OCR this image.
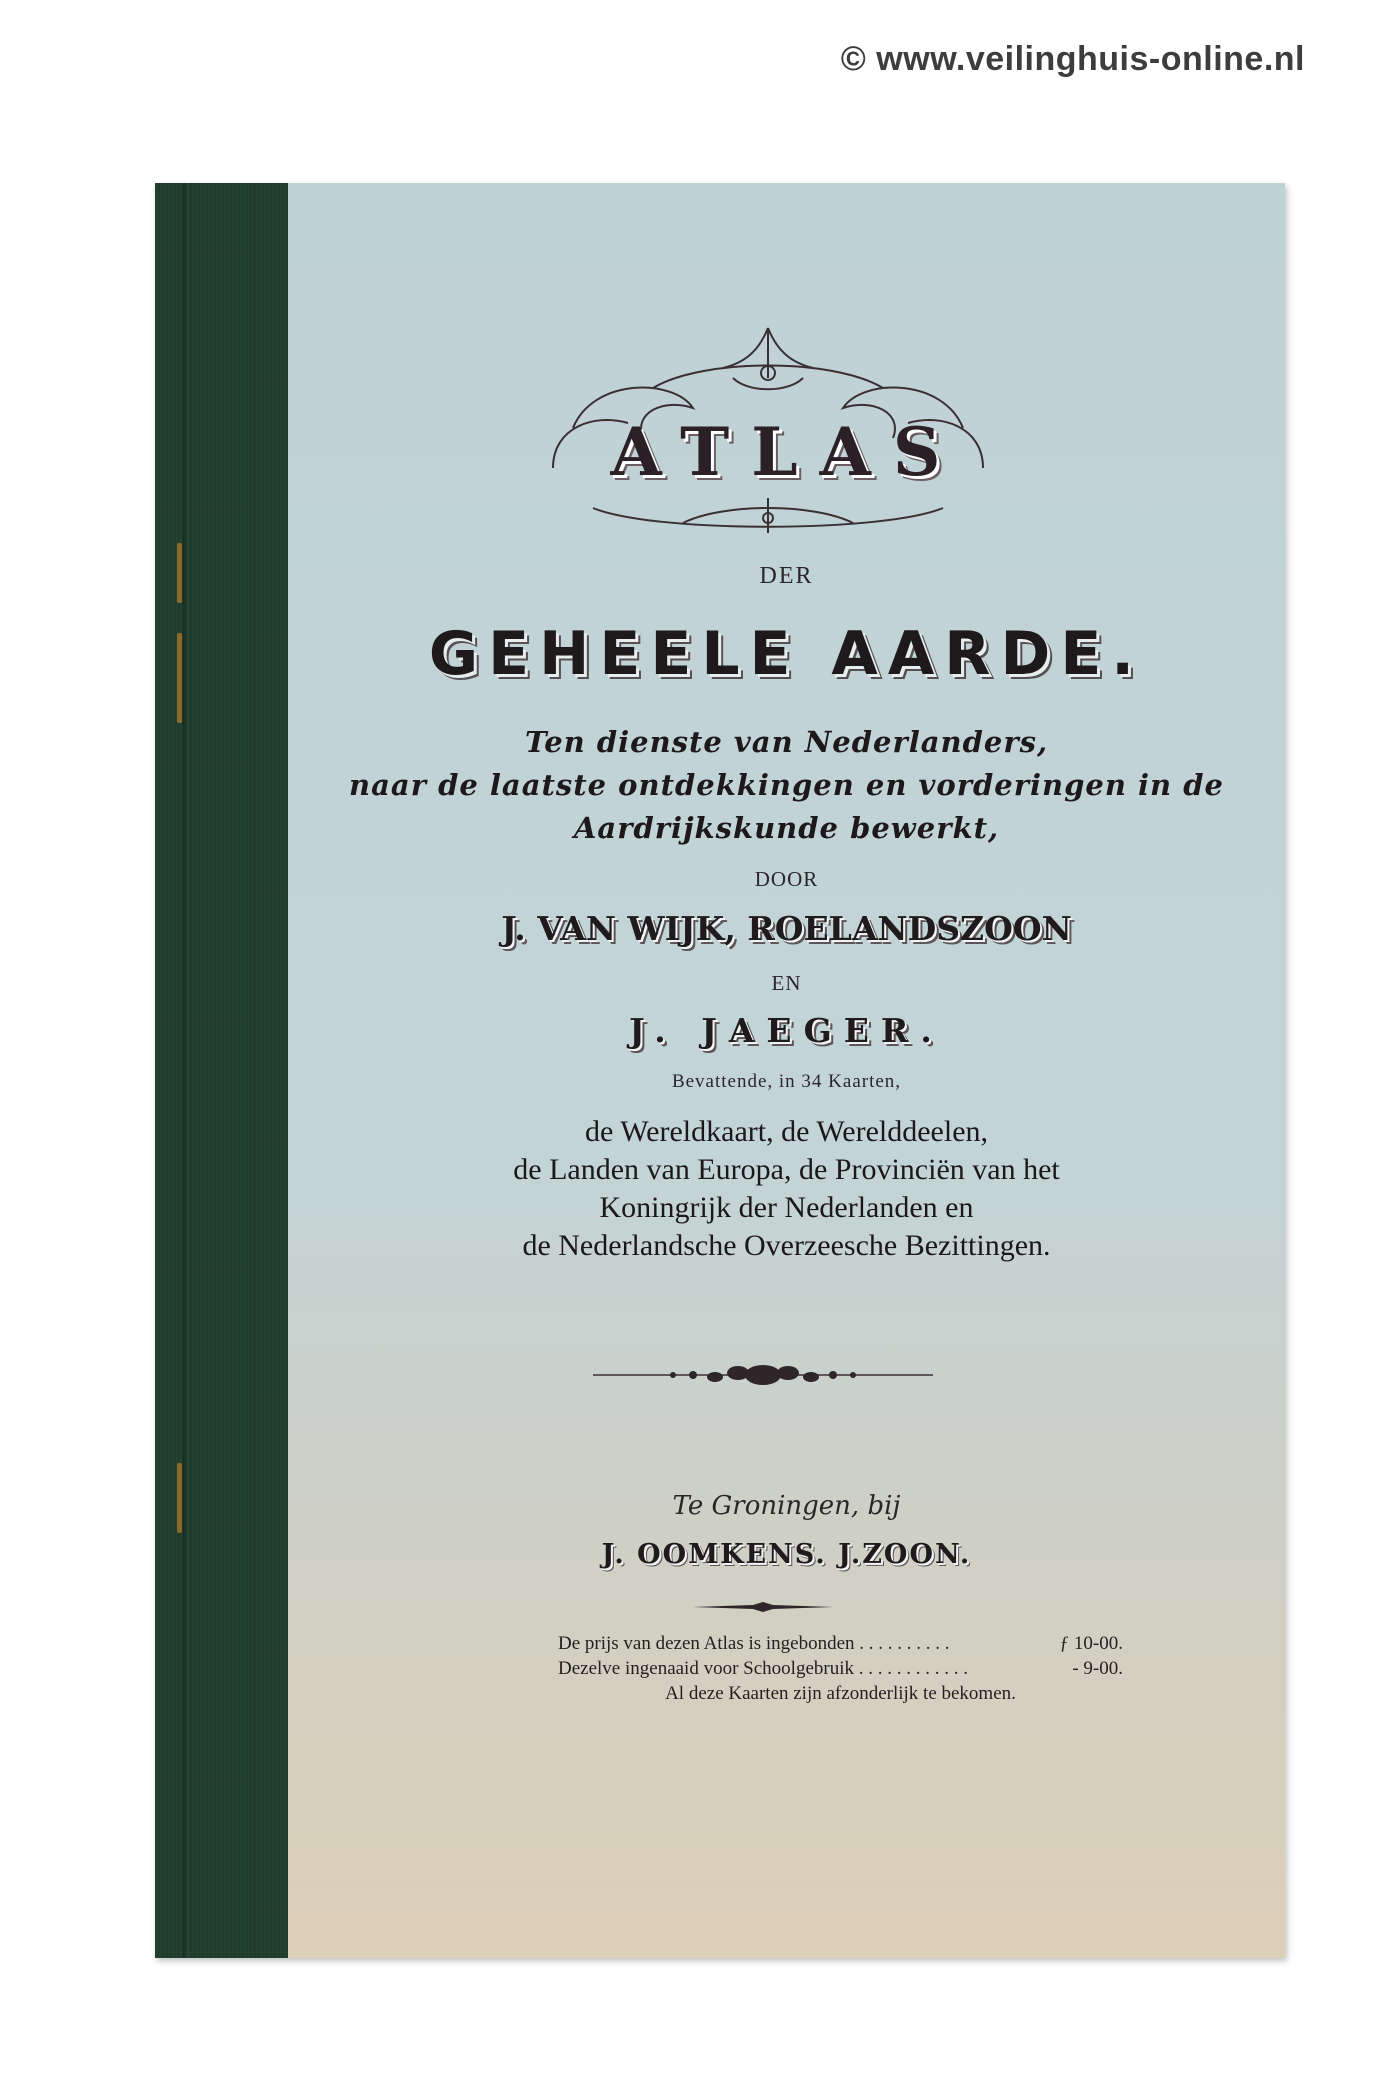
© www.veilinghuis-online.nl
ATLAS
DER
GEHEELE AARDE.
Ten dienste van Nederlanders,
naar de laatste ontdekkingen en vorderingen in de
Aardrijkskunde bewerkt,
DOOR
J. VAN WIJK, ROELANDSZOON
EN
J. JAEGER.
Bevattende, in 34 Kaarten,
de Wereldkaart, de Werelddeelen,
de Landen van Europa, de Provinciën van het
Koningrijk der Nederlanden en
de Nederlandsche Overzeesche Bezittingen.
Te Groningen, bij
J. OOMKENS. J.ZOON.
De prijs van dezen Atlas is ingebonden . . . . . . . . . .	ƒ 10-00.
Dezelve ingenaaid voor Schoolgebruik . . . . . . . . . . . .	- 9-00.
Al deze Kaarten zijn afzonderlijk te bekomen.
